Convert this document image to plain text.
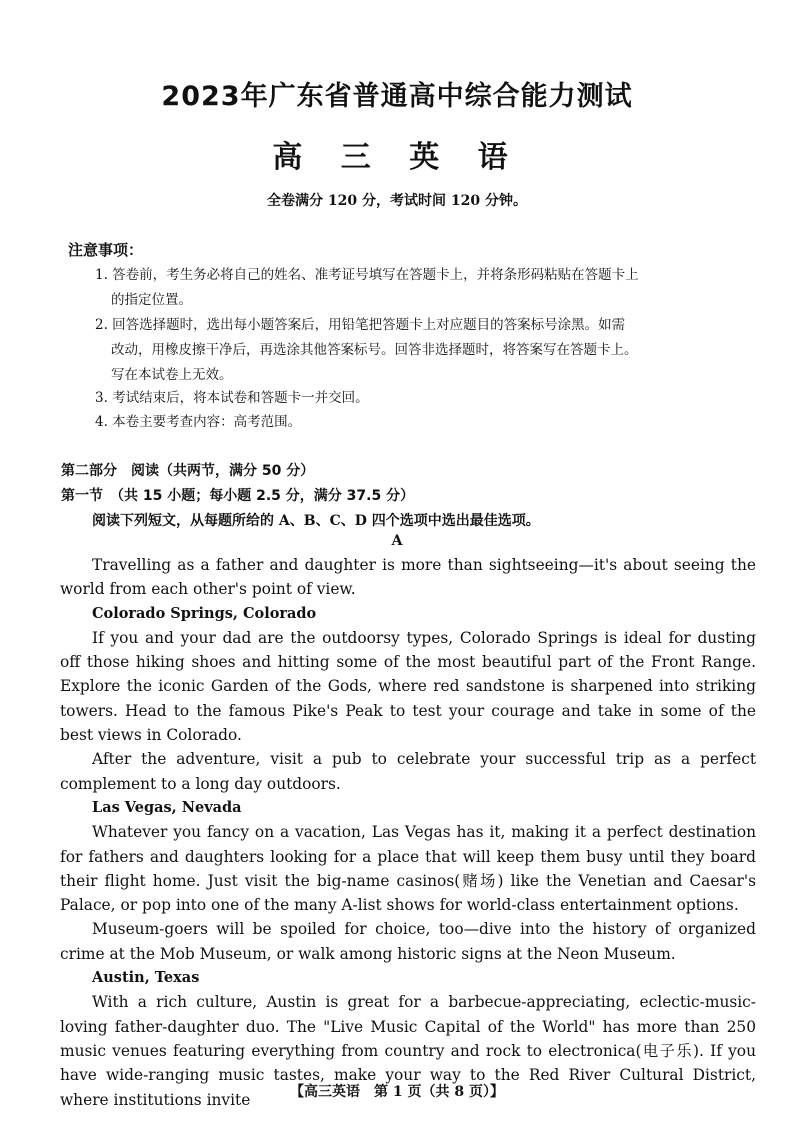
2023年广东省普通高中综合能力测试
高 三 英 语
全卷满分 120 分，考试时间 120 分钟。
注意事项：
1. 答卷前，考生务必将自己的姓名、准考证号填写在答题卡上，并将条形码粘贴在答题卡上
的指定位置。
2. 回答选择题时，选出每小题答案后，用铅笔把答题卡上对应题目的答案标号涂黑。如需
改动，用橡皮擦干净后，再选涂其他答案标号。回答非选择题时，将答案写在答题卡上。
写在本试卷上无效。
3. 考试结束后，将本试卷和答题卡一并交回。
4. 本卷主要考查内容：高考范围。
第二部分　阅读（共两节，满分 50 分）
第一节　（共 15 小题；每小题 2.5 分，满分 37.5 分）
阅读下列短文，从每题所给的 A、B、C、D 四个选项中选出最佳选项。
A

Travelling as a father and daughter is more than sightseeing—it's about seeing the world from each other's point of view.

Colorado Springs, Colorado

If you and your dad are the outdoorsy types, Colorado Springs is ideal for dusting off those hiking shoes and hitting some of the most beautiful part of the Front Range. Explore the iconic Garden of the Gods, where red sandstone is sharpened into striking towers. Head to the famous Pike's Peak to test your courage and take in some of the best views in Colorado.

After the adventure, visit a pub to celebrate your successful trip as a perfect complement to a long day outdoors.

Las Vegas, Nevada

Whatever you fancy on a vacation, Las Vegas has it, making it a perfect destination for fathers and daughters looking for a place that will keep them busy until they board their flight home. Just visit the big-name casinos(赌场) like the Venetian and Caesar's Palace, or pop into one of the many A-list shows for world-class entertainment options.

Museum-goers will be spoiled for choice, too—dive into the history of organized crime at the Mob Museum, or walk among historic signs at the Neon Museum.

Austin, Texas

With a rich culture, Austin is great for a barbecue-appreciating, eclectic-music-loving father-daughter duo. The "Live Music Capital of the World" has more than 250 music venues featuring everything from country and rock to electronica(电子乐). If you have wide-ranging music tastes, make your way to the Red River Cultural District, where institutions invite	【高三英语　第 1 页（共 8 页）】
